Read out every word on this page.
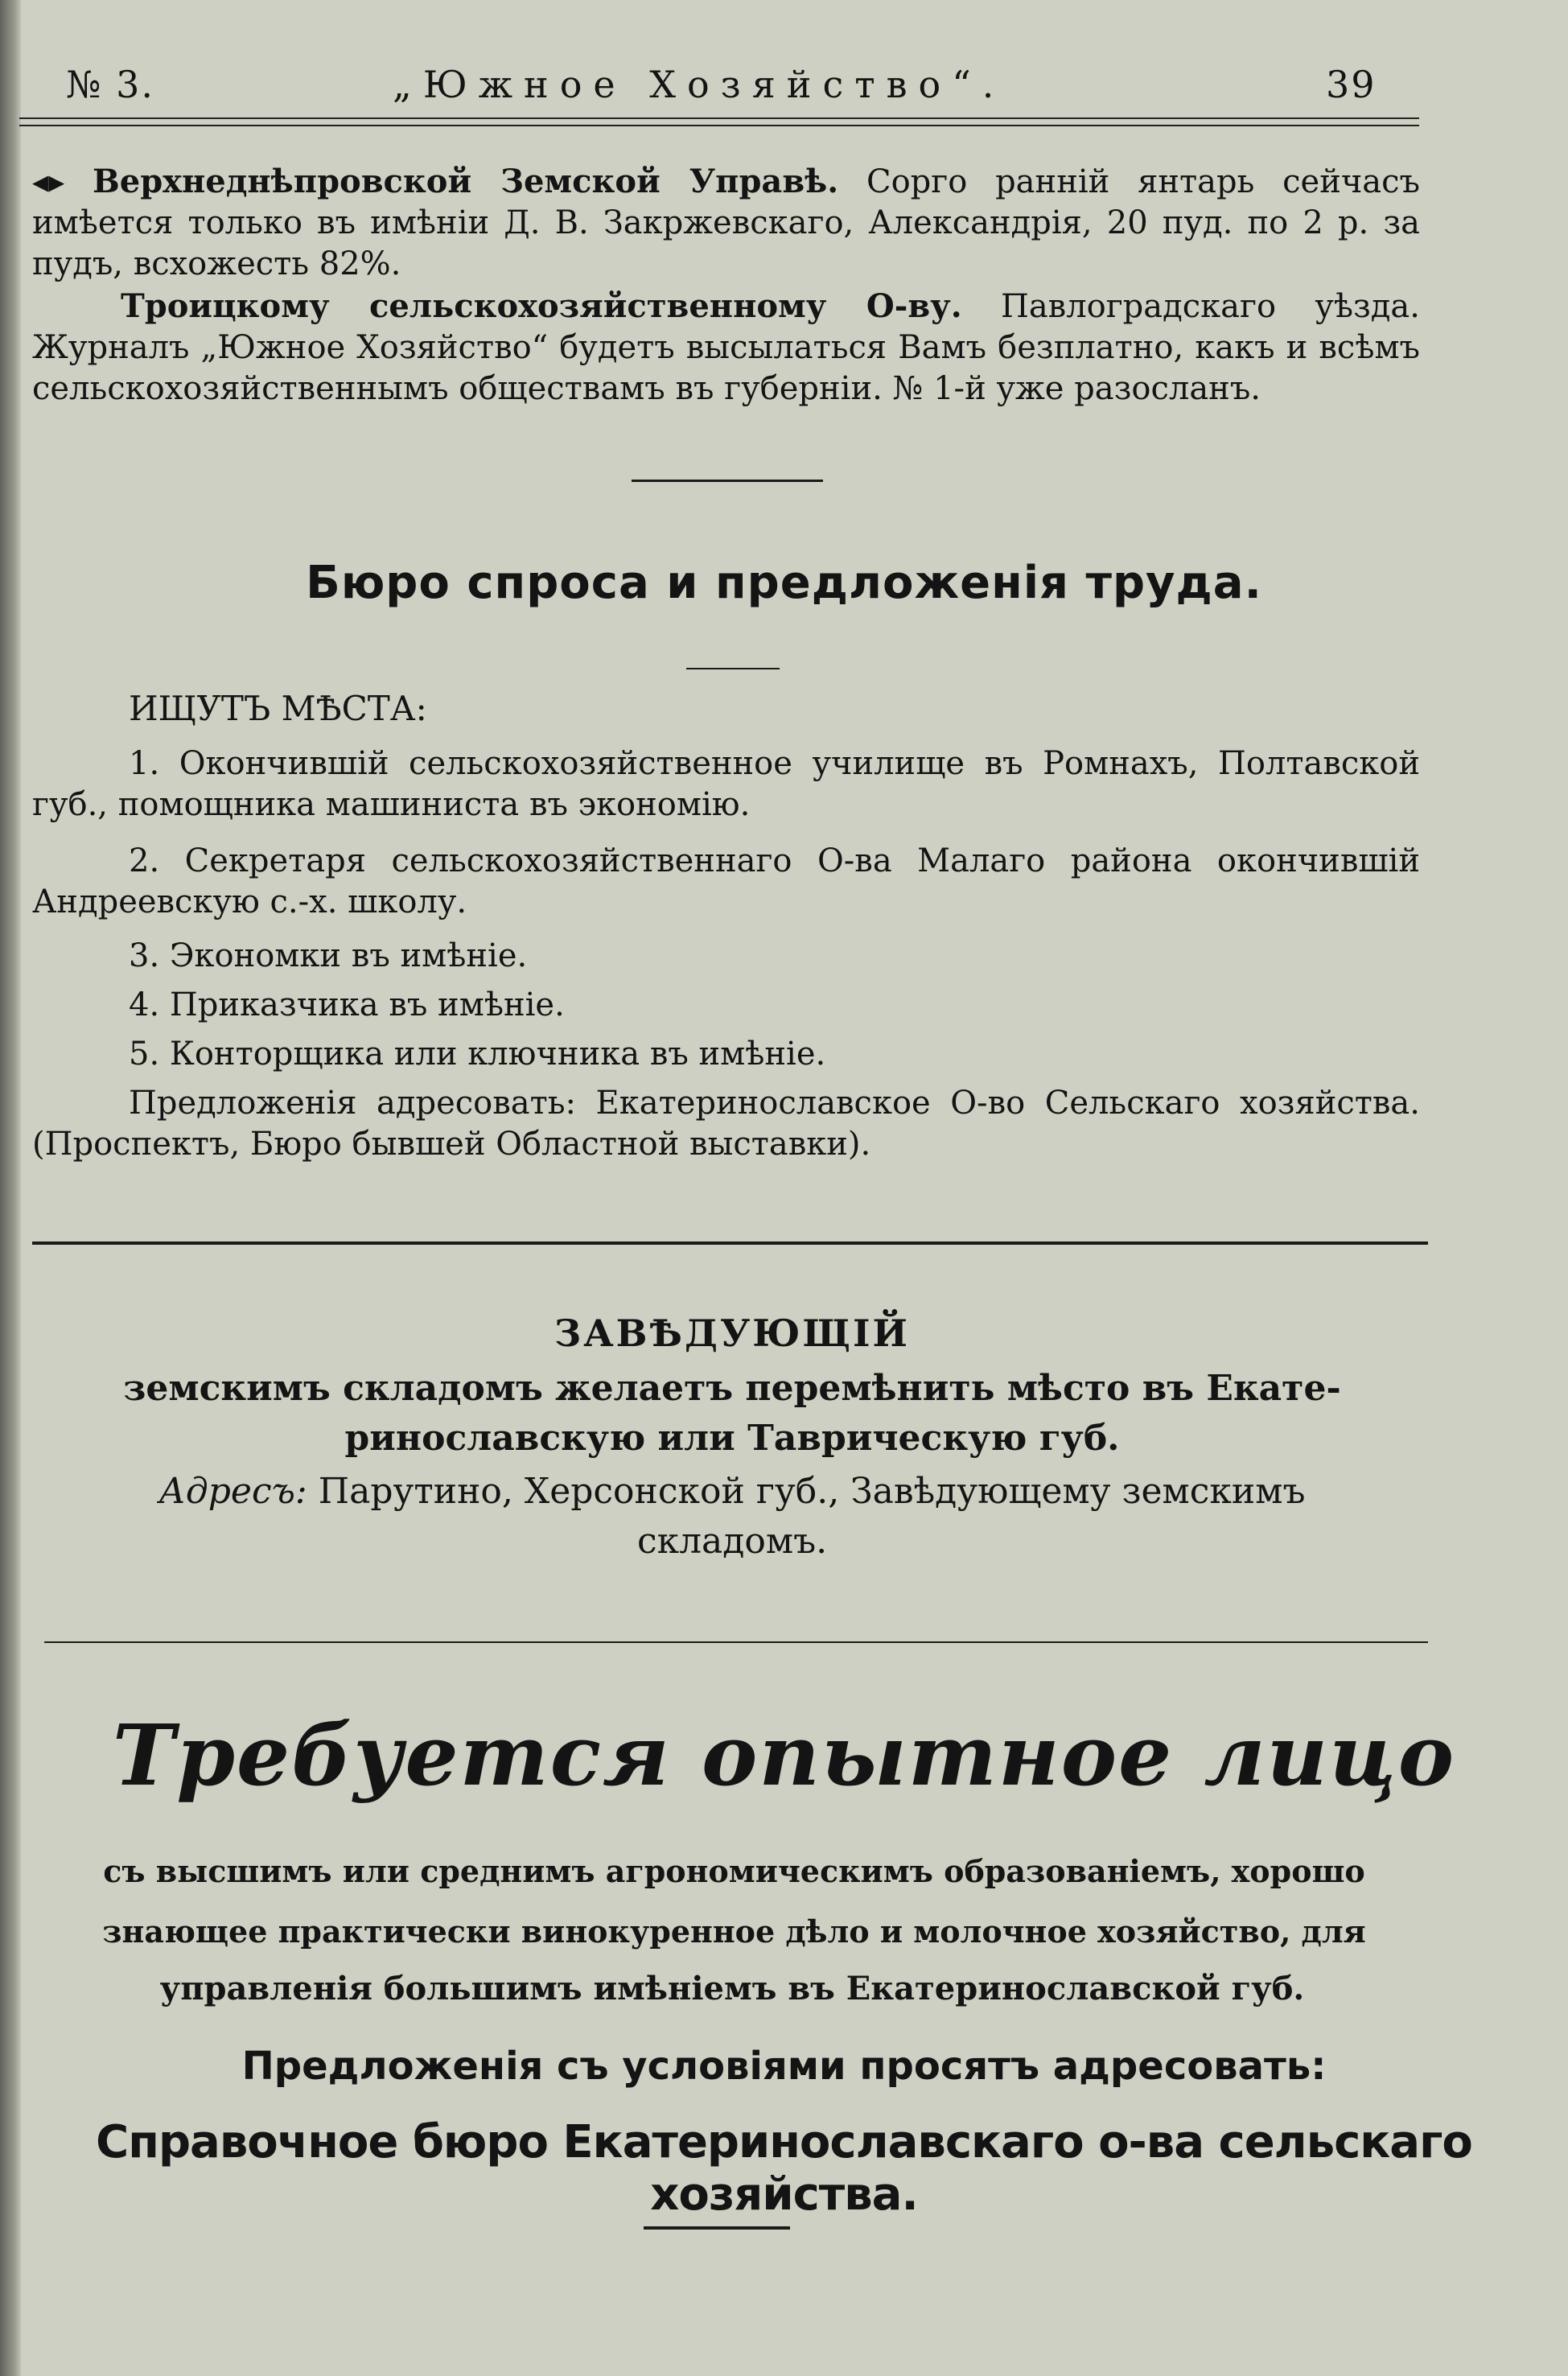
№ 3.	„Южное Хозяйство“.	39
◂▸ Верхнеднѣпровской Земской Управѣ. Сорго ранній янтарь сейчасъ имѣется только въ имѣніи Д. В. Закржевскаго, Александрія, 20 пуд. по 2 р. за пудъ, всхожесть 82%.
Троицкому сельскохозяйственному О-ву. Павлоградскаго уѣзда. Журналъ „Южное Хозяйство“ будетъ высылаться Вамъ безплатно, какъ и всѣмъ сельскохозяйственнымъ обществамъ въ губерніи. № 1-й уже разосланъ.
Бюро спроса и предложенія труда.
ИЩУТЪ МѢСТА:
1. Окончившій сельскохозяйственное училище въ Ромнахъ, Полтавской губ., помощника машиниста въ экономію.
2. Секретаря сельскохозяйственнаго О-ва Малаго района окончившій Андреевскую с.-х. школу.
3. Экономки въ имѣніе.
4. Приказчика въ имѣніе.
5. Конторщика или ключника въ имѣніе.
Предложенія адресовать: Екатеринославское О-во Сельскаго хозяйства. (Проспектъ, Бюро бывшей Областной выставки).
ЗАВѢДУЮЩІЙ
земскимъ складомъ желаетъ перемѣнить мѣсто въ Екате-
ринославскую или Таврическую губ.
Адресъ: Парутино, Херсонской губ., Завѣдующему земскимъ
складомъ.
Требуется опытное лицо
съ высшимъ или среднимъ агрономическимъ образованіемъ, хорошо
знающее практически винокуренное дѣло и молочное хозяйство, для
управленія большимъ имѣніемъ въ Екатеринославской губ.
Предложенія съ условіями просятъ адресовать:
Справочное бюро Екатеринославскаго о-ва сельскаго хозяйства.
